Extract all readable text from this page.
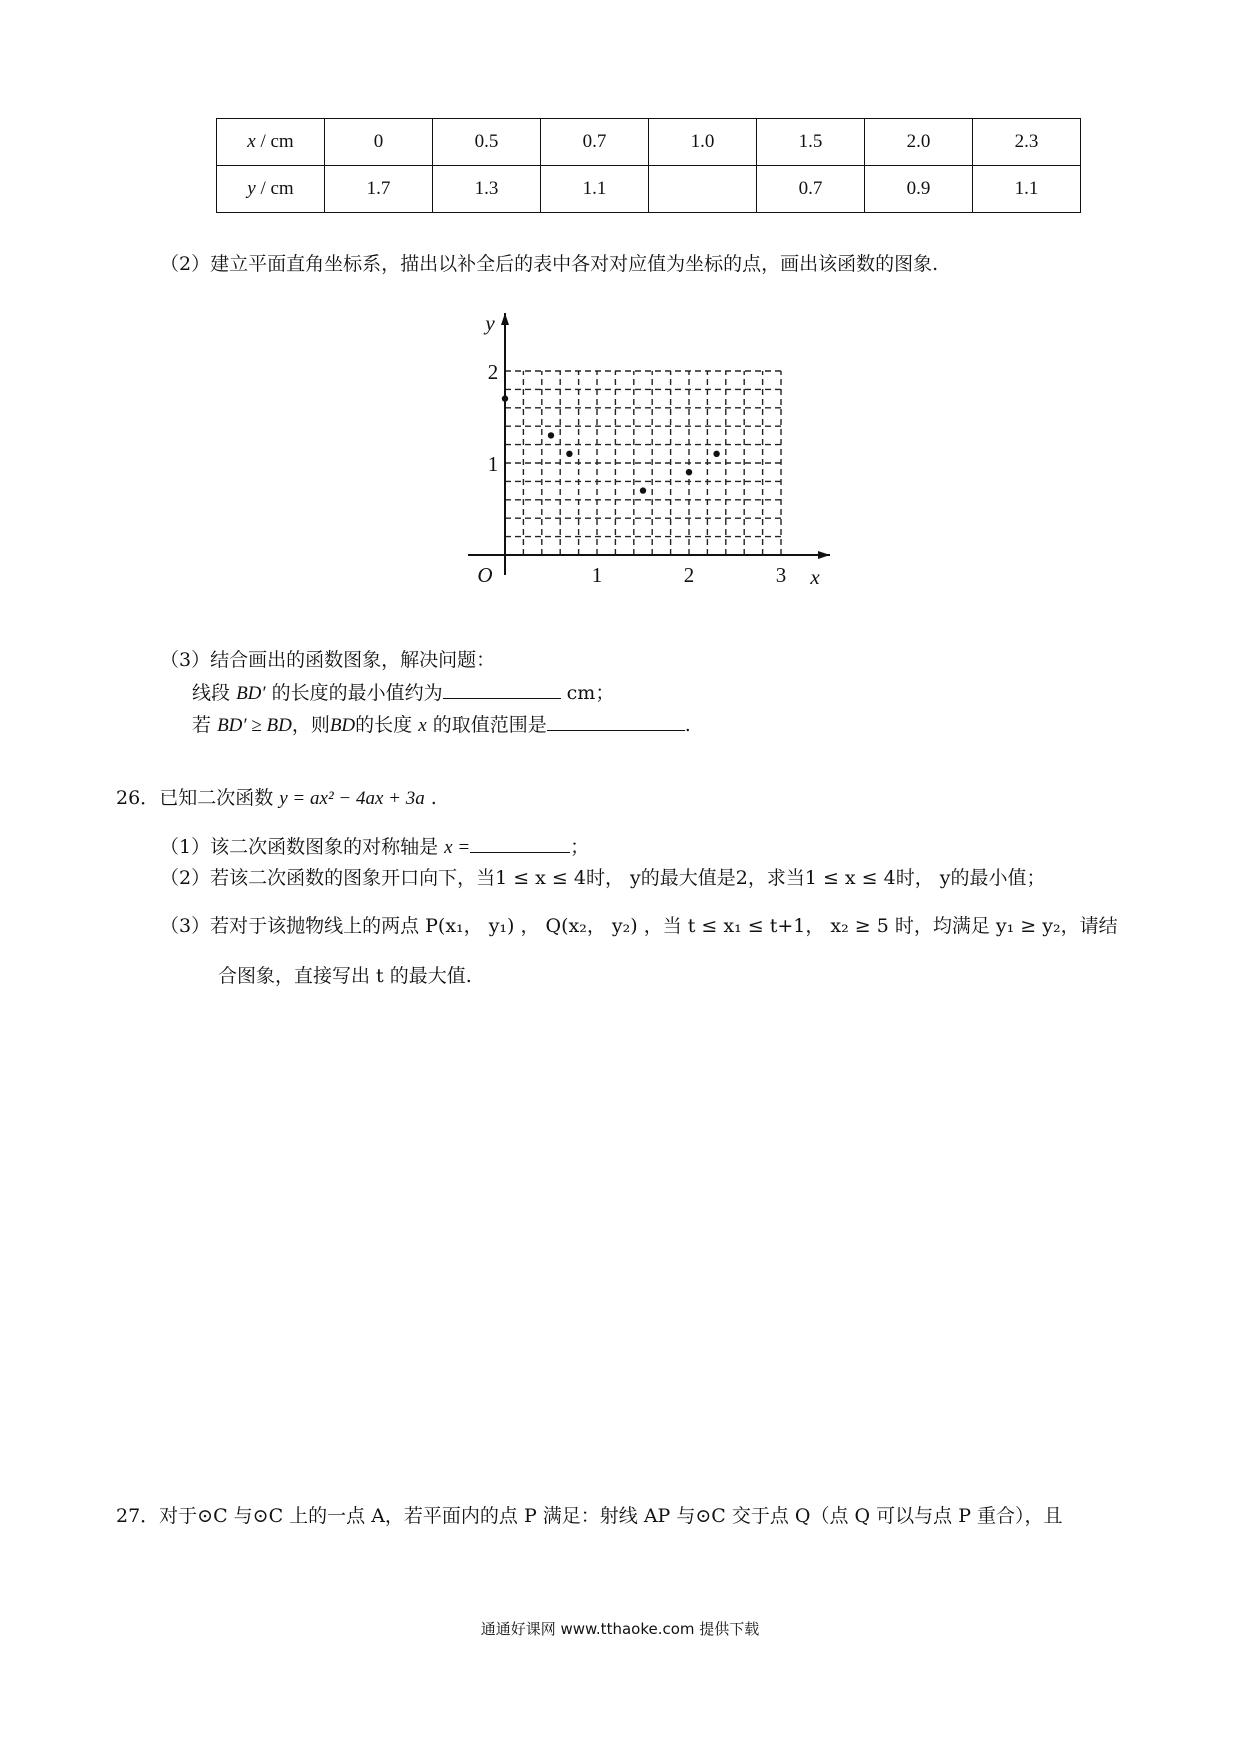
x / cm	0	0.5	0.7	1.0	1.5	2.0	2.3
y / cm	1.7	1.3	1.1		0.7	0.9	1.1
（2）建立平面直角坐标系，描出以补全后的表中各对对应值为坐标的点，画出该函数的图象.
1	2	3
1
2
O	x
y
（3）结合画出的函数图象，解决问题：
线段 BD′ 的长度的最小值约为	cm；
若 BD′ ≥ BD，则BD的长度 x 的取值范围是	.
26．已知二次函数 y = ax² − 4ax + 3a .
（1）该二次函数图象的对称轴是 x =	；
（2）若该二次函数的图象开口向下，当1 ≤ x ≤ 4时， y的最大值是2，求当1 ≤ x ≤ 4时， y的最小值；
（3）若对于该抛物线上的两点 P(x₁， y₁) ， Q(x₂， y₂) ，当 t ≤ x₁ ≤ t+1， x₂ ≥ 5 时，均满足 y₁ ≥ y₂，请结
合图象，直接写出 t 的最大值.
27．对于⊙C 与⊙C 上的一点 A，若平面内的点 P 满足：射线 AP 与⊙C 交于点 Q（点 Q 可以与点 P 重合），且
通通好课网 www.tthaoke.com 提供下载
